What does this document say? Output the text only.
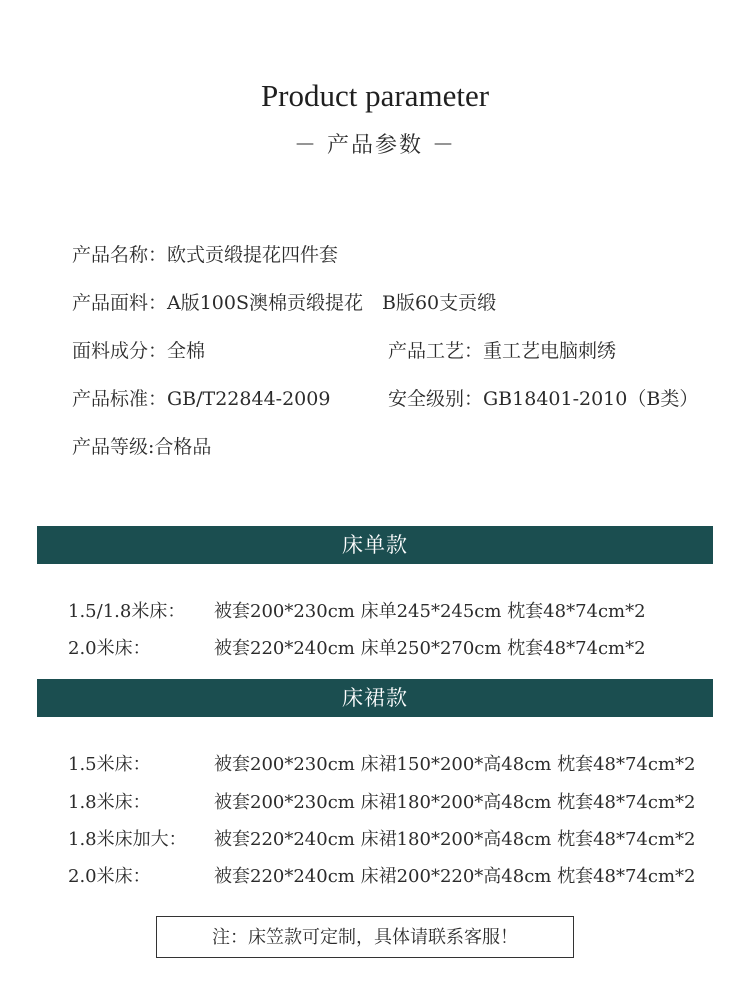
Product parameter
－ 产品参数 －
产品名称：欧式贡缎提花四件套
产品面料：A版100S澳棉贡缎提花　B版60支贡缎
面料成分：全棉	产品工艺：重工艺电脑刺绣
产品标准：GB/T22844-2009	安全级别：GB18401-2010（B类）
产品等级:合格品
床单款
1.5/1.8米床： 被套200*230cm 床单245*245cm 枕套48*74cm*2
2.0米床：	被套220*240cm 床单250*270cm 枕套48*74cm*2
床裙款
1.5米床：	被套200*230cm 床裙150*200*高48cm 枕套48*74cm*2
1.8米床：	被套200*230cm 床裙180*200*高48cm 枕套48*74cm*2
1.8米床加大： 被套220*240cm 床裙180*200*高48cm 枕套48*74cm*2
2.0米床：	被套220*240cm 床裙200*220*高48cm 枕套48*74cm*2
注：床笠款可定制，具体请联系客服！
